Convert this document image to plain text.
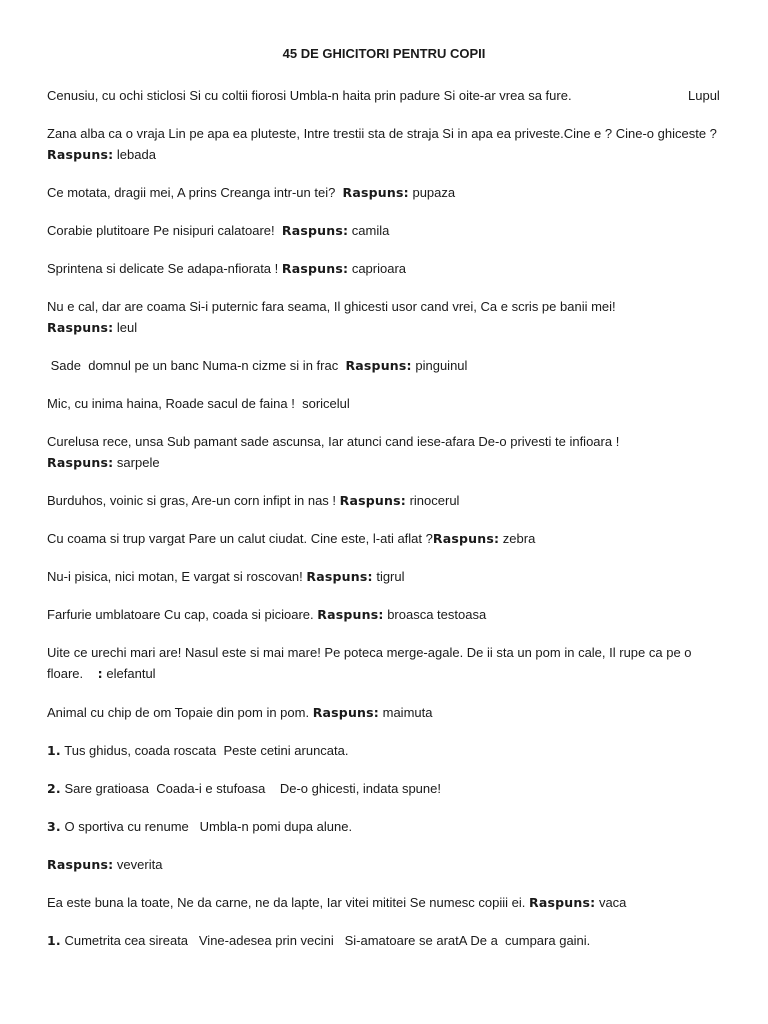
45 DE GHICITORI PENTRU COPII
Cenusiu, cu ochi sticlosi Si cu coltii fiorosi Umbla-n haita prin padure Si oite-ar vrea sa fure.	Lupul
Zana alba ca o vraja Lin pe apa ea pluteste, Intre trestii sta de straja Si in apa ea priveste.Cine e ? Cine-o ghiceste ?     Raspuns: lebada
Ce motata, dragii mei, A prins Creanga intr-un tei? Raspuns: pupaza
Corabie plutitoare Pe nisipuri calatoare! Raspuns: camila
Sprintena si delicate Se adapa-nfiorata ! Raspuns: caprioara
Nu e cal, dar are coama Si-i puternic fara seama, Il ghicesti usor cand vrei, Ca e scris pe banii mei!
Raspuns: leul
Sade  domnul pe un banc Numa-n cizme si in frac Raspuns: pinguinul
Mic, cu inima haina, Roade sacul de faina ! soricelul
Curelusa rece, unsa Sub pamant sade ascunsa, Iar atunci cand iese-afara De-o privesti te infioara !
Raspuns: sarpele
Burduhos, voinic si gras, Are-un corn infipt in nas ! Raspuns: rinocerul
Cu coama si trup vargat Pare un calut ciudat. Cine este, l-ati aflat ?Raspuns: zebra
Nu-i pisica, nici motan, E vargat si roscovan! Raspuns: tigrul
Farfurie umblatoare Cu cap, coada si picioare. Raspuns: broasca testoasa
Uite ce urechi mari are! Nasul este si mai mare! Pe poteca merge-agale. De ii sta un pom in cale, Il rupe ca pe o floare. : elefantul
Animal cu chip de om Topaie din pom in pom. Raspuns: maimuta
1. Tus ghidus, coada roscata  Peste cetini aruncata.
2. Sare gratioasa  Coada-i e stufoasa    De-o ghicesti, indata spune!
3. O sportiva cu renume   Umbla-n pomi dupa alune.
Raspuns: veverita
Ea este buna la toate, Ne da carne, ne da lapte, Iar vitei mititei Se numesc copiii ei. Raspuns: vaca
1. Cumetrita cea sireata   Vine-adesea prin vecini   Si-amatoare se aratA De a  cumpara gaini.
